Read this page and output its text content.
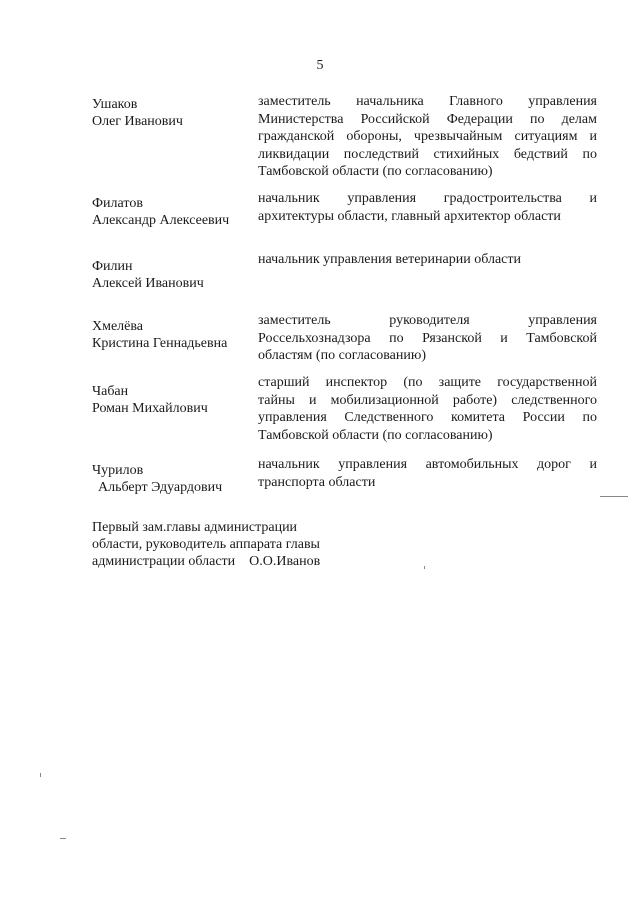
5
Ушаков
Олег Иванович
заместитель начальника Главного управления
Министерства Российской Федерации по делам
гражданской обороны, чрезвычайным ситуациям и
ликвидации последствий стихийных бедствий по
Тамбовской области (по согласованию)
Филатов
Александр Алексеевич
начальник управления градостроительства и
архитектуры области, главный архитектор области
Филин
Алексей Иванович
начальник управления ветеринарии области
Хмелёва
Кристина Геннадьевна
заместитель руководителя управления
Россельхознадзора по Рязанской и Тамбовской
областям (по согласованию)
Чабан
Роман Михайлович
старший инспектор (по защите государственной
тайны и мобилизационной работе) следственного
управления Следственного комитета России по
Тамбовской области (по согласованию)
Чурилов
Альберт Эдуардович
начальник управления автомобильных дорог и
транспорта области
Первый зам.главы администрации
области, руководитель аппарата главы
администрации области О.О.Иванов
